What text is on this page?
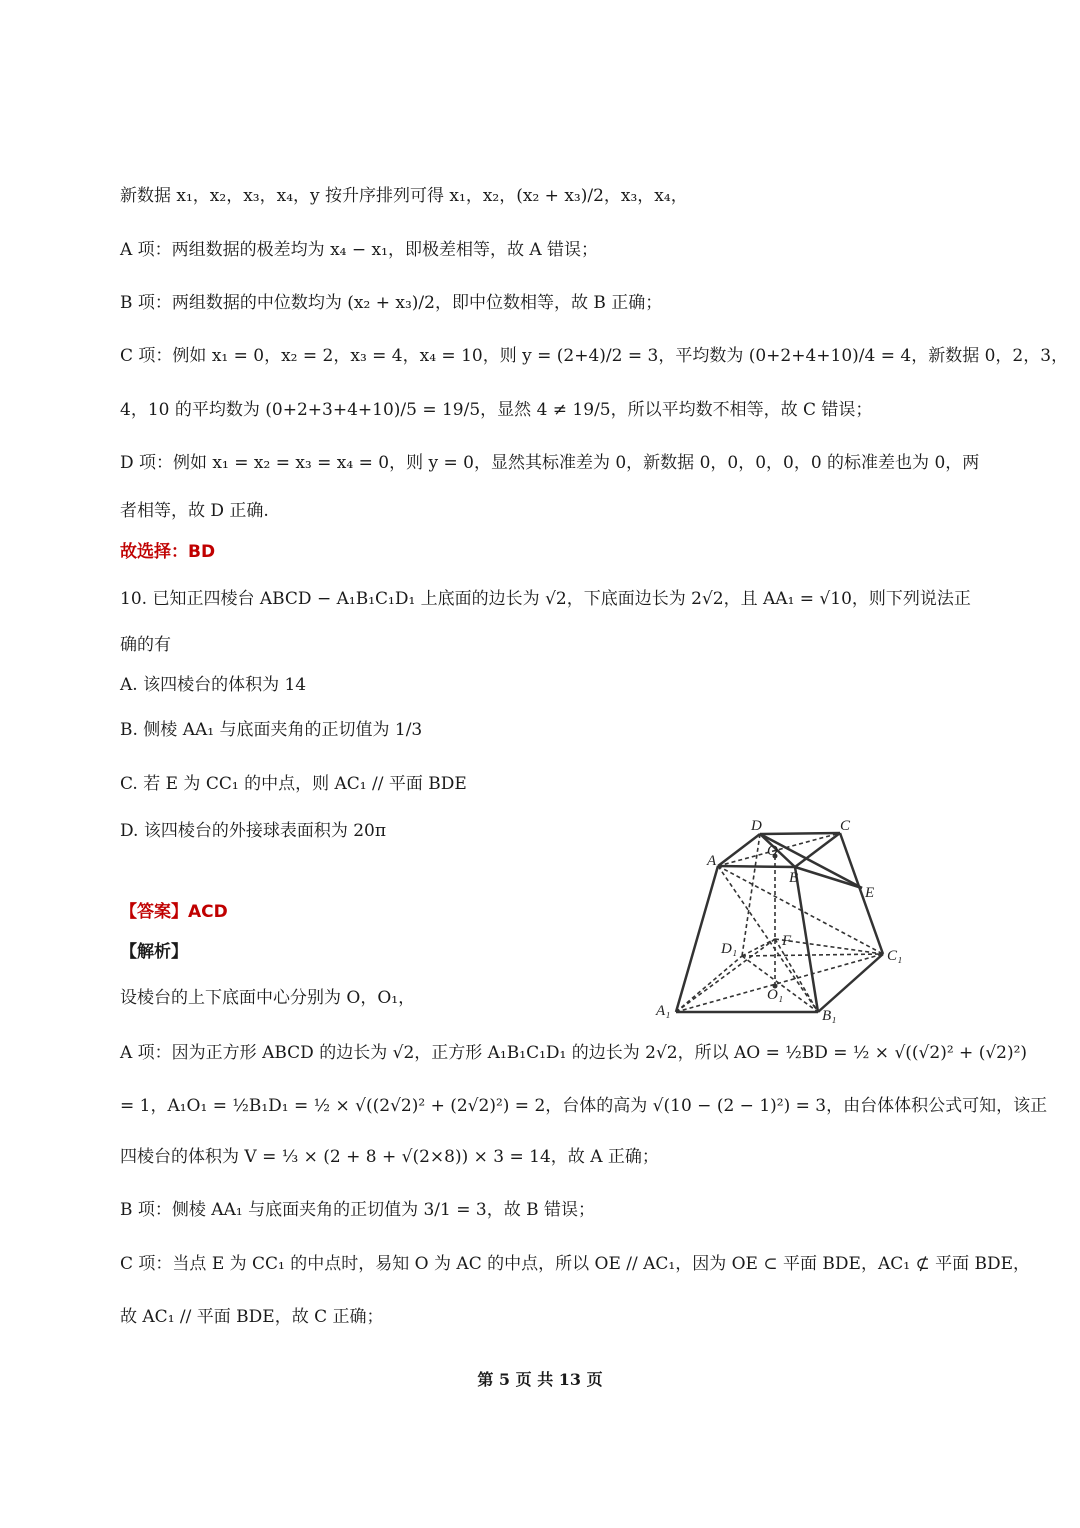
新数据 x₁，x₂，x₃，x₄，y 按升序排列可得 x₁，x₂，(x₂ + x₃)/2，x₃，x₄，
A 项：两组数据的极差均为 x₄ − x₁，即极差相等，故 A 错误；
B 项：两组数据的中位数均为 (x₂ + x₃)/2，即中位数相等，故 B 正确；
C 项：例如 x₁ = 0，x₂ = 2，x₃ = 4，x₄ = 10，则 y = (2+4)/2 = 3，平均数为 (0+2+4+10)/4 = 4，新数据 0，2，3，
4，10 的平均数为 (0+2+3+4+10)/5 = 19/5，显然 4 ≠ 19/5，所以平均数不相等，故 C 错误；
D 项：例如 x₁ = x₂ = x₃ = x₄ = 0，则 y = 0，显然其标准差为 0，新数据 0，0，0，0，0 的标准差也为 0，两
者相等，故 D 正确.
故选择：BD
10. 已知正四棱台 ABCD − A₁B₁C₁D₁ 上底面的边长为 √2，下底面边长为 2√2，且 AA₁ = √10，则下列说法正
确的有
A. 该四棱台的体积为 14
B. 侧棱 AA₁ 与底面夹角的正切值为 1/3
C. 若 E 为 CC₁ 的中点，则 AC₁ // 平面 BDE
D. 该四棱台的外接球表面积为 20π
【答案】ACD
【解析】
设棱台的上下底面中心分别为 O，O₁，
A 项：因为正方形 ABCD 的边长为 √2，正方形 A₁B₁C₁D₁ 的边长为 2√2，所以 AO = ½BD = ½ × √((√2)² + (√2)²)
= 1，A₁O₁ = ½B₁D₁ = ½ × √((2√2)² + (2√2)²) = 2，台体的高为 √(10 − (2 − 1)²) = 3，由台体体积公式可知，该正
四棱台的体积为 V = ⅓ × (2 + 8 + √(2×8)) × 3 = 14，故 A 正确；
B 项：侧棱 AA₁ 与底面夹角的正切值为 3/1 = 3，故 B 错误；
C 项：当点 E 为 CC₁ 的中点时，易知 O 为 AC 的中点，所以 OE // AC₁，因为 OE ⊂ 平面 BDE，AC₁ ⊄ 平面 BDE，
故 AC₁ // 平面 BDE，故 C 正确；
D	C
A
O
B
E
F
D₁	C₁
O₁
A₁	B₁
第 5 页 共 13 页
